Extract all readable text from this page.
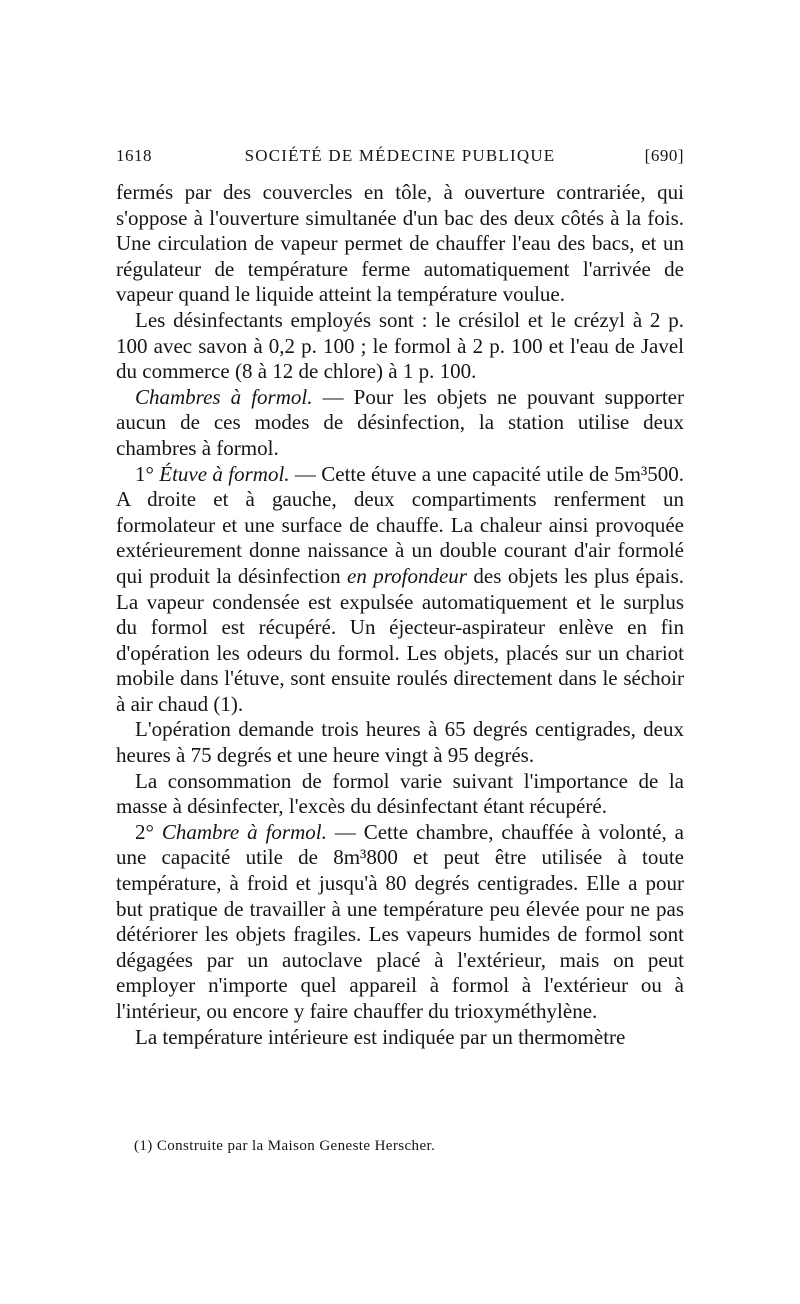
1618	SOCIÉTÉ DE MÉDECINE PUBLIQUE	[690]

fermés par des couvercles en tôle, à ouverture contrariée, qui s'oppose à l'ouverture simultanée d'un bac des deux côtés à la fois. Une circulation de vapeur permet de chauffer l'eau des bacs, et un régulateur de température ferme automatiquement l'arrivée de vapeur quand le liquide atteint la température voulue.

Les désinfectants employés sont : le crésilol et le crézyl à 2 p. 100 avec savon à 0,2 p. 100 ; le formol à 2 p. 100 et l'eau de Javel du commerce (8 à 12 de chlore) à 1 p. 100.

Chambres à formol. — Pour les objets ne pouvant supporter aucun de ces modes de désinfection, la station utilise deux chambres à formol.

1° Étuve à formol. — Cette étuve a une capacité utile de 5m³500. A droite et à gauche, deux compartiments renferment un formolateur et une surface de chauffe. La chaleur ainsi provoquée extérieurement donne naissance à un double courant d'air formolé qui produit la désinfection en profondeur des objets les plus épais. La vapeur condensée est expulsée automatiquement et le surplus du formol est récupéré. Un éjecteur-aspirateur enlève en fin d'opération les odeurs du formol. Les objets, placés sur un chariot mobile dans l'étuve, sont ensuite roulés directement dans le séchoir à air chaud (1).

L'opération demande trois heures à 65 degrés centigrades, deux heures à 75 degrés et une heure vingt à 95 degrés.

La consommation de formol varie suivant l'importance de la masse à désinfecter, l'excès du désinfectant étant récupéré.

2° Chambre à formol. — Cette chambre, chauffée à volonté, a une capacité utile de 8m³800 et peut être utilisée à toute température, à froid et jusqu'à 80 degrés centigrades. Elle a pour but pratique de travailler à une température peu élevée pour ne pas détériorer les objets fragiles. Les vapeurs humides de formol sont dégagées par un autoclave placé à l'extérieur, mais on peut employer n'importe quel appareil à formol à l'extérieur ou à l'intérieur, ou encore y faire chauffer du trioxyméthylène.

La température intérieure est indiquée par un thermomètre

(1) Construite par la Maison Geneste Herscher.
